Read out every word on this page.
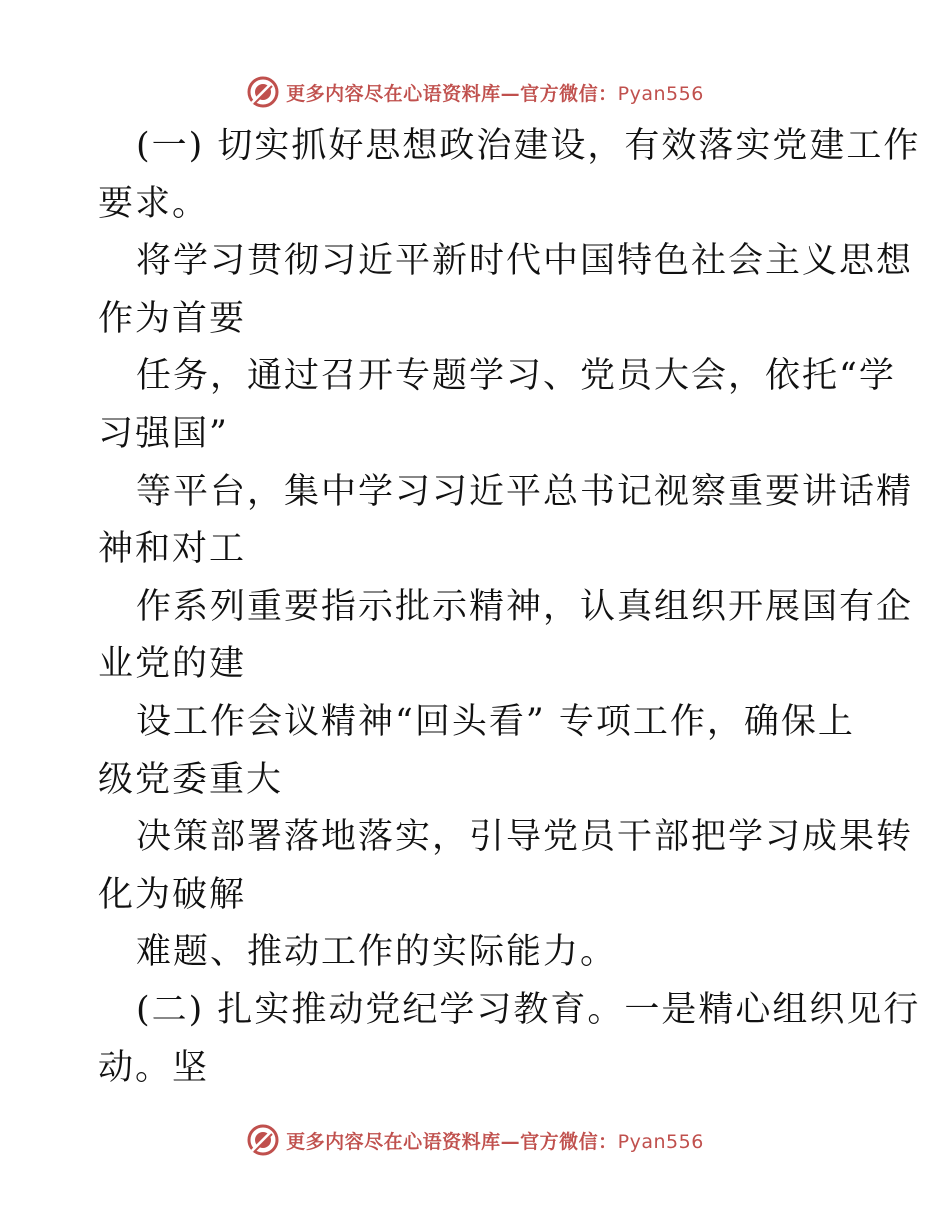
更多内容尽在心语资料库—官方微信：Pyan556
(一) 切实抓好思想政治建设，有效落实党建工作
要求。
将学习贯彻习近平新时代中国特色社会主义思想
作为首要
任务，通过召开专题学习、党员大会，依托“学
习强国”
等平台，集中学习习近平总书记视察重要讲话精
神和对工
作系列重要指示批示精神，认真组织开展国有企
业党的建
设工作会议精神“回头看” 专项工作，确保上
级党委重大
决策部署落地落实，引导党员干部把学习成果转
化为破解
难题、推动工作的实际能力。
(二) 扎实推动党纪学习教育。一是精心组织见行
动。坚
更多内容尽在心语资料库—官方微信：Pyan556
